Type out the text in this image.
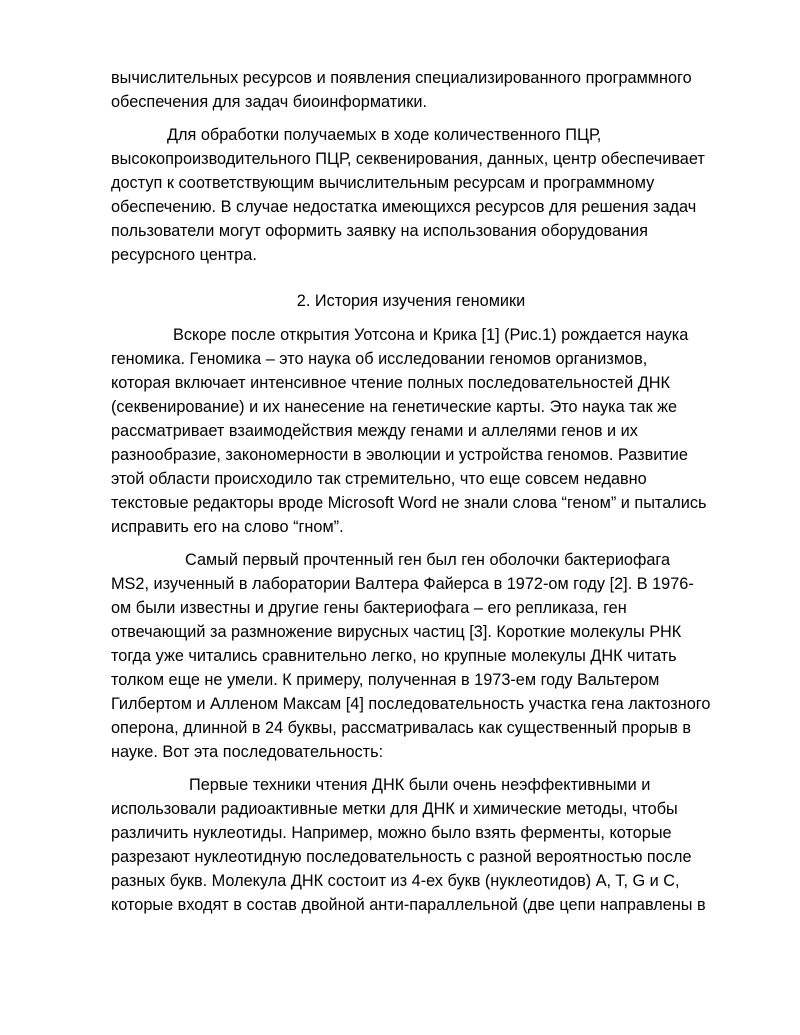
вычислительных ресурсов и появления специализированного программного обеспечения для задач биоинформатики.

Для обработки получаемых в ходе количественного ПЦР, высокопроизводительного ПЦР, секвенирования, данных, центр обеспечивает доступ к соответствующим вычислительным ресурсам и программному обеспечению. В случае недостатка имеющихся ресурсов для решения задач пользователи могут оформить заявку на использования оборудования ресурсного центра.

2. История изучения геномики

Вскоре после открытия Уотсона и Крика [1] (Рис.1) рождается наука геномика. Геномика – это наука об исследовании геномов организмов, которая включает интенсивное чтение полных последовательностей ДНК (секвенирование) и их нанесение на генетические карты. Это наука так же рассматривает взаимодействия между генами и аллелями генов и их разнообразие, закономерности в эволюции и устройства геномов. Развитие этой области происходило так стремительно, что еще совсем недавно текстовые редакторы вроде Microsoft Word не знали слова “геном” и пытались исправить его на слово “гном”.

Самый первый прочтенный ген был ген оболочки бактериофага MS2, изученный в лаборатории Валтера Файерса в 1972-ом году [2]. В 1976-ом были известны и другие гены бактериофага – его репликаза, ген отвечающий за размножение вирусных частиц [3]. Короткие молекулы РНК тогда уже читались сравнительно легко, но крупные молекулы ДНК читать толком еще не умели. К примеру, полученная в 1973-ем году Вальтером Гилбертом и Алленом Максам [4] последовательность участка гена лактозного оперона, длинной в 24 буквы, рассматривалась как существенный прорыв в науке. Вот эта последовательность:

Первые техники чтения ДНК были очень неэффективными и использовали радиоактивные метки для ДНК и химические методы, чтобы различить нуклеотиды. Например, можно было взять ферменты, которые разрезают нуклеотидную последовательность с разной вероятностью после разных букв. Молекула ДНК состоит из 4-ех букв (нуклеотидов) A, T, G и C, которые входят в состав двойной анти-параллельной (две цепи направлены в
